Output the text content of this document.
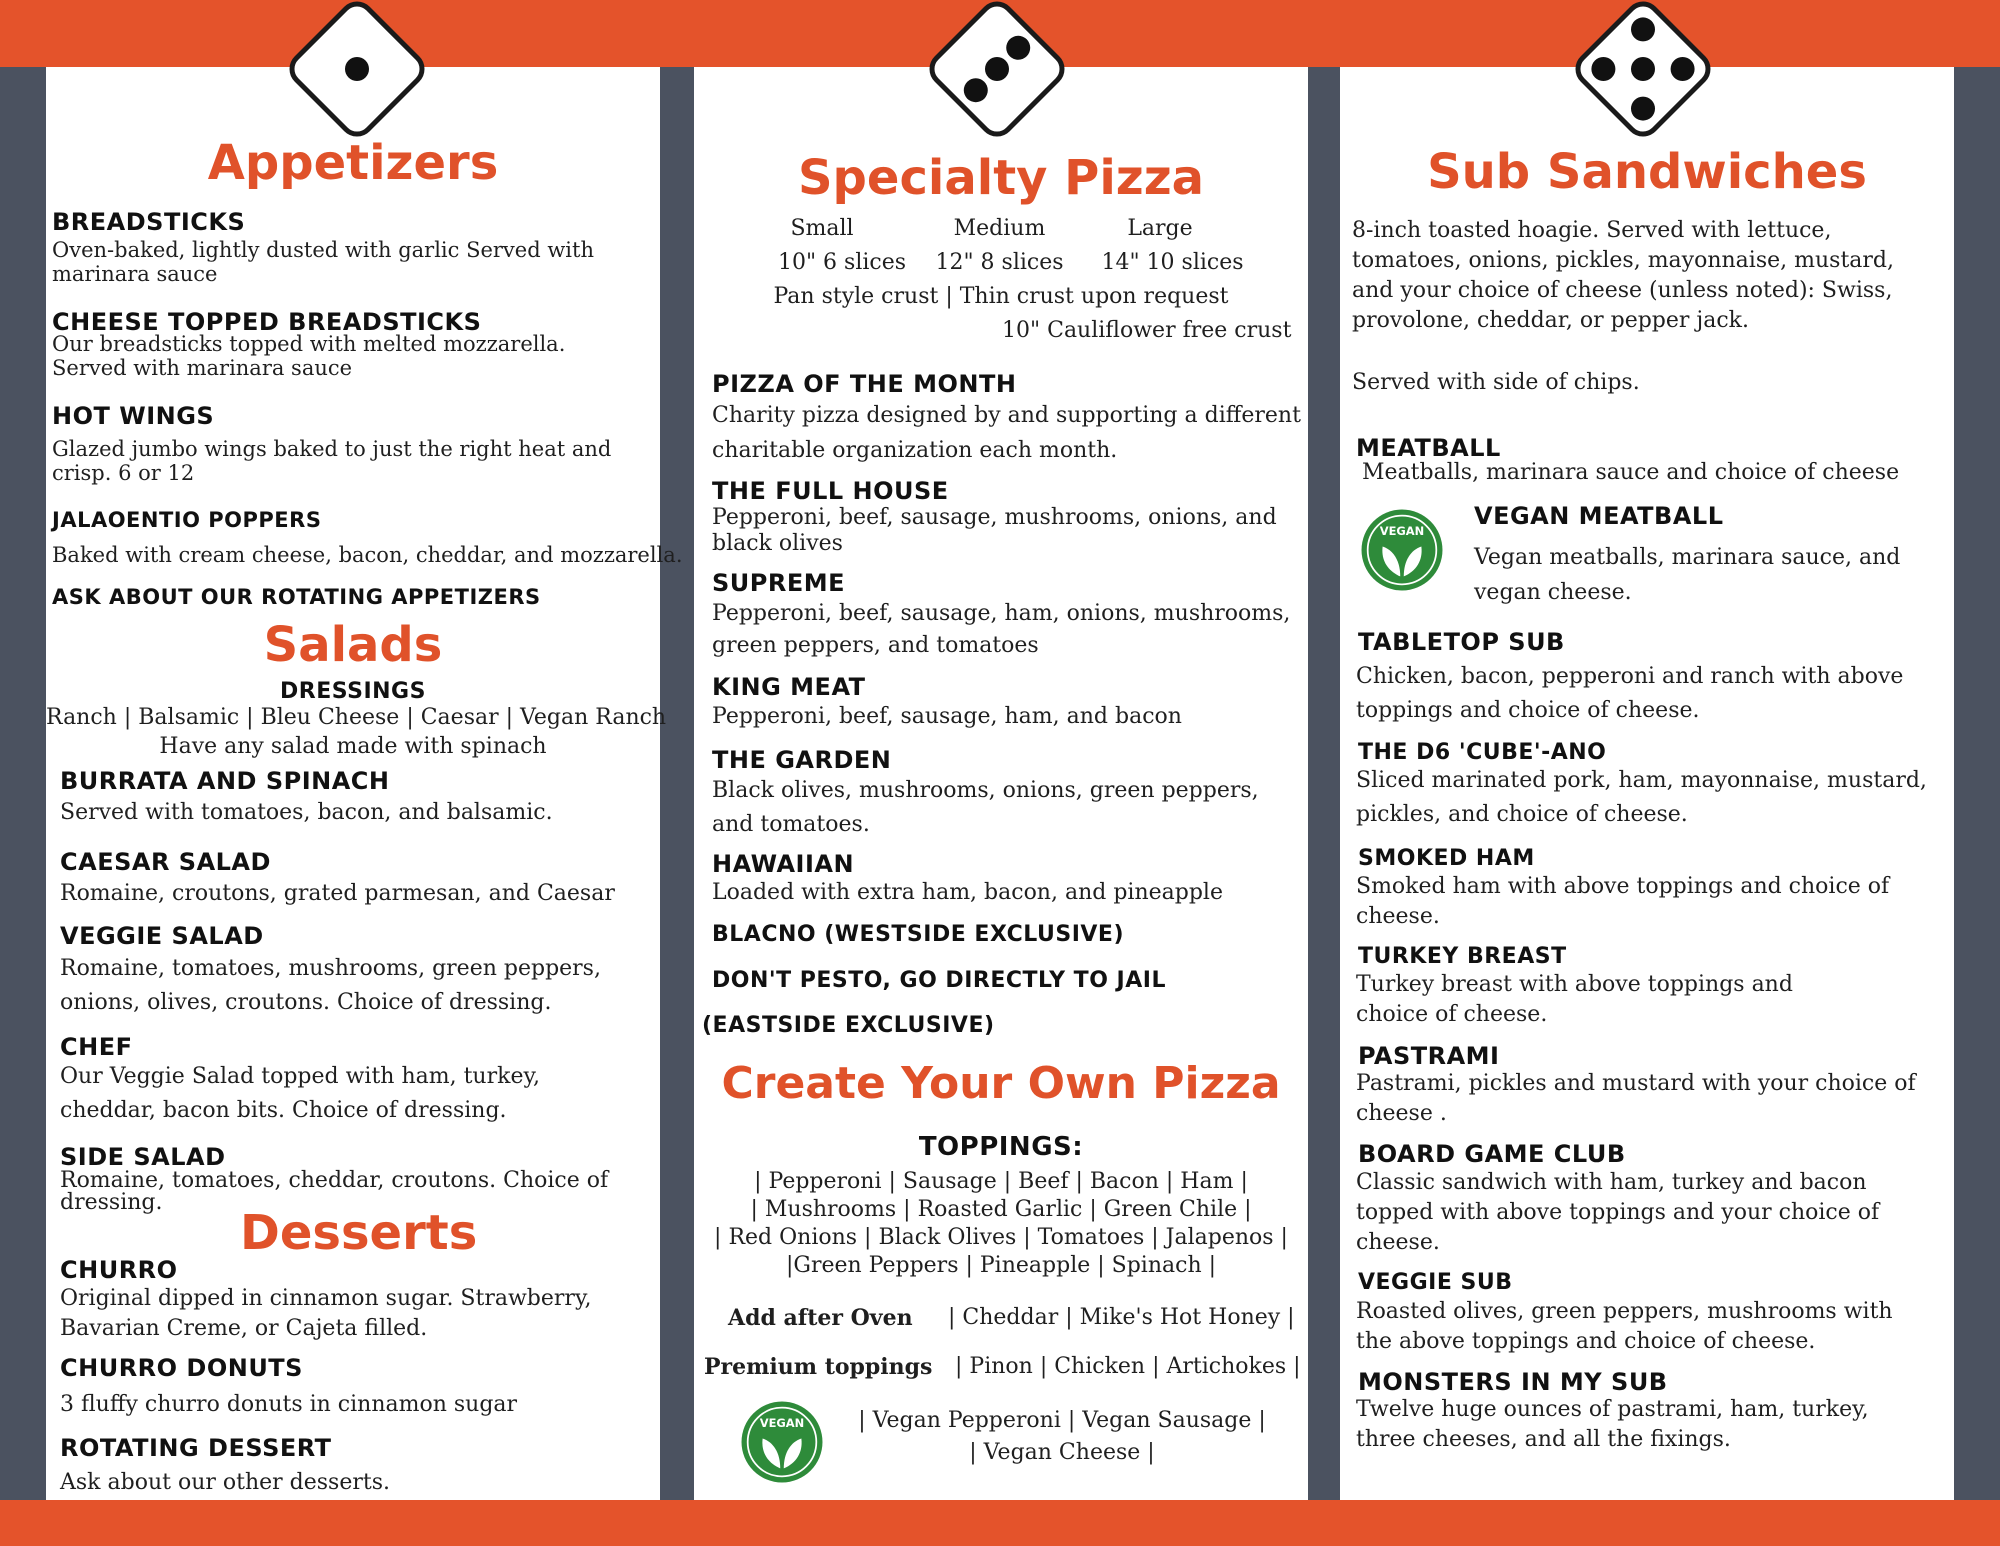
Appetizers
BREADSTICKS
Oven-baked, lightly dusted with garlic Served with marinara sauce
CHEESE TOPPED BREADSTICKS
Our breadsticks topped with melted mozzarella. Served with marinara sauce
HOT WINGS
Glazed jumbo wings baked to just the right heat and crisp. 6 or 12
JALAOENTIO POPPERS
Baked with cream cheese, bacon, cheddar, and mozzarella.
ASK ABOUT OUR ROTATING APPETIZERS
Salads
DRESSINGS
Ranch | Balsamic | Bleu Cheese | Caesar | Vegan Ranch
Have any salad made with spinach
BURRATA AND SPINACH
Served with tomatoes, bacon, and balsamic.
CAESAR SALAD
Romaine, croutons, grated parmesan, and Caesar
VEGGIE SALAD
Romaine, tomatoes, mushrooms, green peppers, onions, olives, croutons. Choice of dressing.
CHEF
Our Veggie Salad topped with ham, turkey, cheddar, bacon bits. Choice of dressing.
SIDE SALAD
Romaine, tomatoes, cheddar, croutons. Choice of dressing.
Desserts
CHURRO
Original dipped in cinnamon sugar. Strawberry, Bavarian Creme, or Cajeta filled.
CHURRO DONUTS
3 fluffy churro donuts in cinnamon sugar
ROTATING DESSERT
Ask about our other desserts.
Specialty Pizza
Small	Medium	Large
10" 6 slices	12" 8 slices	14" 10 slices
Pan style crust | Thin crust upon request
10" Cauliflower free crust
PIZZA OF THE MONTH
Charity pizza designed by and supporting a different charitable organization each month.
THE FULL HOUSE
Pepperoni, beef, sausage, mushrooms, onions, and black olives
SUPREME
Pepperoni, beef, sausage, ham, onions, mushrooms, green peppers, and tomatoes
KING MEAT
Pepperoni, beef, sausage, ham, and bacon
THE GARDEN
Black olives, mushrooms, onions, green peppers, and tomatoes.
HAWAIIAN
Loaded with extra ham, bacon, and pineapple
BLACNO (WESTSIDE EXCLUSIVE)
DON'T PESTO, GO DIRECTLY TO JAIL
(EASTSIDE EXCLUSIVE)
Create Your Own Pizza
TOPPINGS:
| Pepperoni | Sausage | Beef | Bacon | Ham |
| Mushrooms | Roasted Garlic | Green Chile |
| Red Onions | Black Olives | Tomatoes | Jalapenos |
|Green Peppers | Pineapple | Spinach |
Add after Oven | Cheddar | Mike's Hot Honey |
Premium toppings | Pinon | Chicken | Artichokes |
VEGAN	| Vegan Pepperoni | Vegan Sausage |
| Vegan Cheese |
Sub Sandwiches
8-inch toasted hoagie. Served with lettuce, tomatoes, onions, pickles, mayonnaise, mustard, and your choice of cheese (unless noted): Swiss, provolone, cheddar, or pepper jack.
Served with side of chips.
MEATBALL
Meatballs, marinara sauce and choice of cheese
VEGAN
VEGAN MEATBALL
Vegan meatballs, marinara sauce, and vegan cheese.
TABLETOP SUB
Chicken, bacon, pepperoni and ranch with above toppings and choice of cheese.
THE D6 'CUBE'-ANO
Sliced marinated pork, ham, mayonnaise, mustard, pickles, and choice of cheese.
SMOKED HAM
Smoked ham with above toppings and choice of cheese.
TURKEY BREAST
Turkey breast with above toppings and choice of cheese.
PASTRAMI
Pastrami, pickles and mustard with your choice of cheese .
BOARD GAME CLUB
Classic sandwich with ham, turkey and bacon topped with above toppings and your choice of cheese.
VEGGIE SUB
Roasted olives, green peppers, mushrooms with the above toppings and choice of cheese.
MONSTERS IN MY SUB
Twelve huge ounces of pastrami, ham, turkey, three cheeses, and all the fixings.
